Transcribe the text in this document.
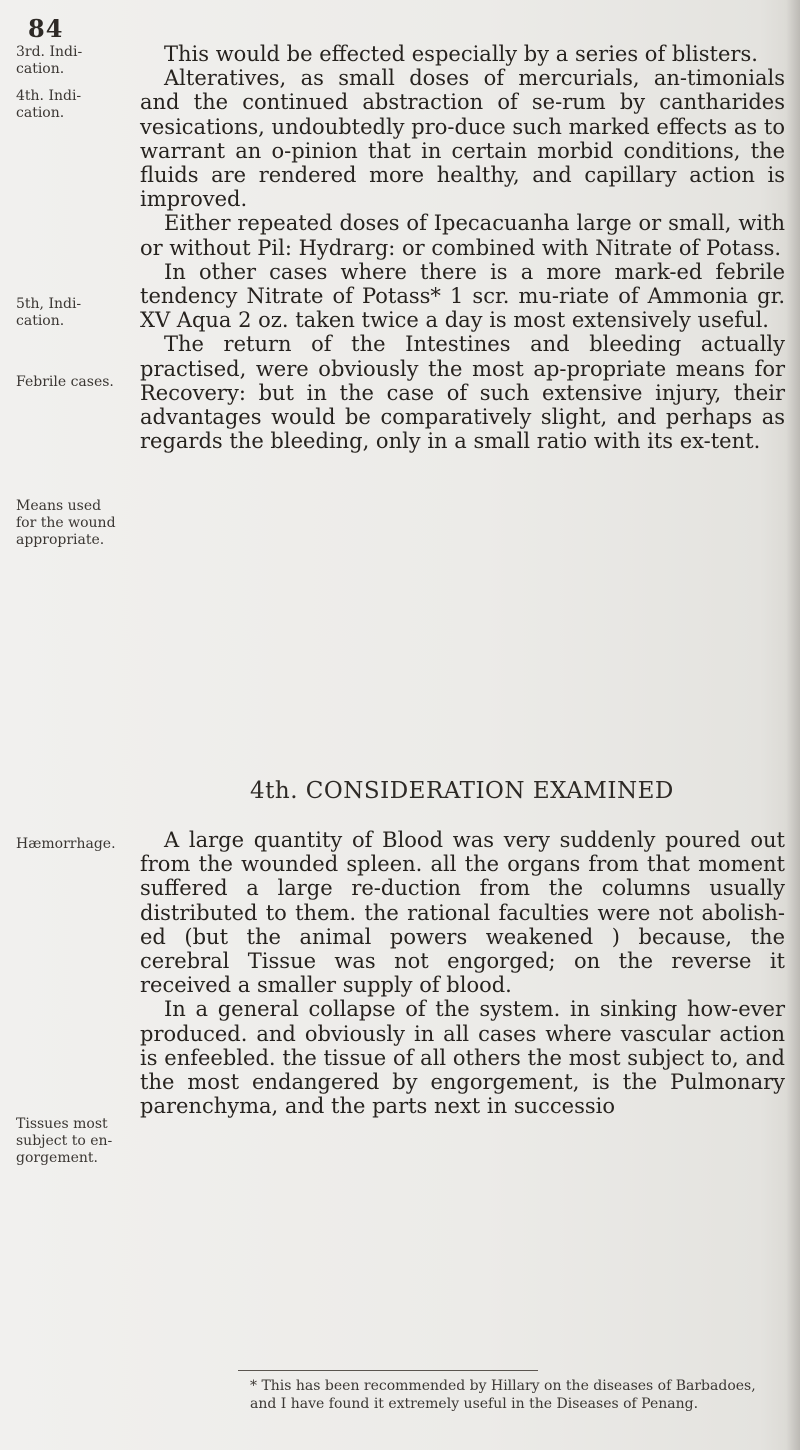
84
3rd. Indi-cation.
4th. Indi-cation.
5th, Indi-cation.
Febrile cases.
Means used for the wound appropriate.
Hæmorrhage.
Tissues most subject to en-gorgement.

This would be effected especially by a series of blisters.

Alteratives, as small doses of mercurials, an-timonials and the continued abstraction of se-rum by cantharides vesications, undoubtedly pro-duce such marked effects as to warrant an o-pinion that in certain morbid conditions, the fluids are rendered more healthy, and capillary action is improved.

Either repeated doses of Ipecacuanha large or small, with or without Pil: Hydrarg: or combined with Nitrate of Potass.

In other cases where there is a more mark-ed febrile tendency Nitrate of Potass* 1 scr. mu-riate of Ammonia gr. XV Aqua 2 oz. taken twice a day is most extensively useful.

The return of the Intestines and bleeding actually practised, were obviously the most ap-propriate means for Recovery: but in the case of such extensive injury, their advantages would be comparatively slight, and perhaps as regards the bleeding, only in a small ratio with its ex-tent.

4th. CONSIDERATION EXAMINED

A large quantity of Blood was very suddenly poured out from the wounded spleen. all the organs from that moment suffered a large re-duction from the columns usually distributed to them. the rational faculties were not abolish-ed (but the animal powers weakened ) because, the cerebral Tissue was not engorged; on the reverse it received a smaller supply of blood.

In a general collapse of the system. in sinking how-ever produced. and obviously in all cases where vascular action is enfeebled. the tissue of all others the most subject to, and the most endangered by engorgement, is the Pulmonary parenchyma, and the parts next in successio

* This has been recommended by Hillary on the diseases of Barbadoes, and I have found it extremely useful in the Diseases of Penang.
